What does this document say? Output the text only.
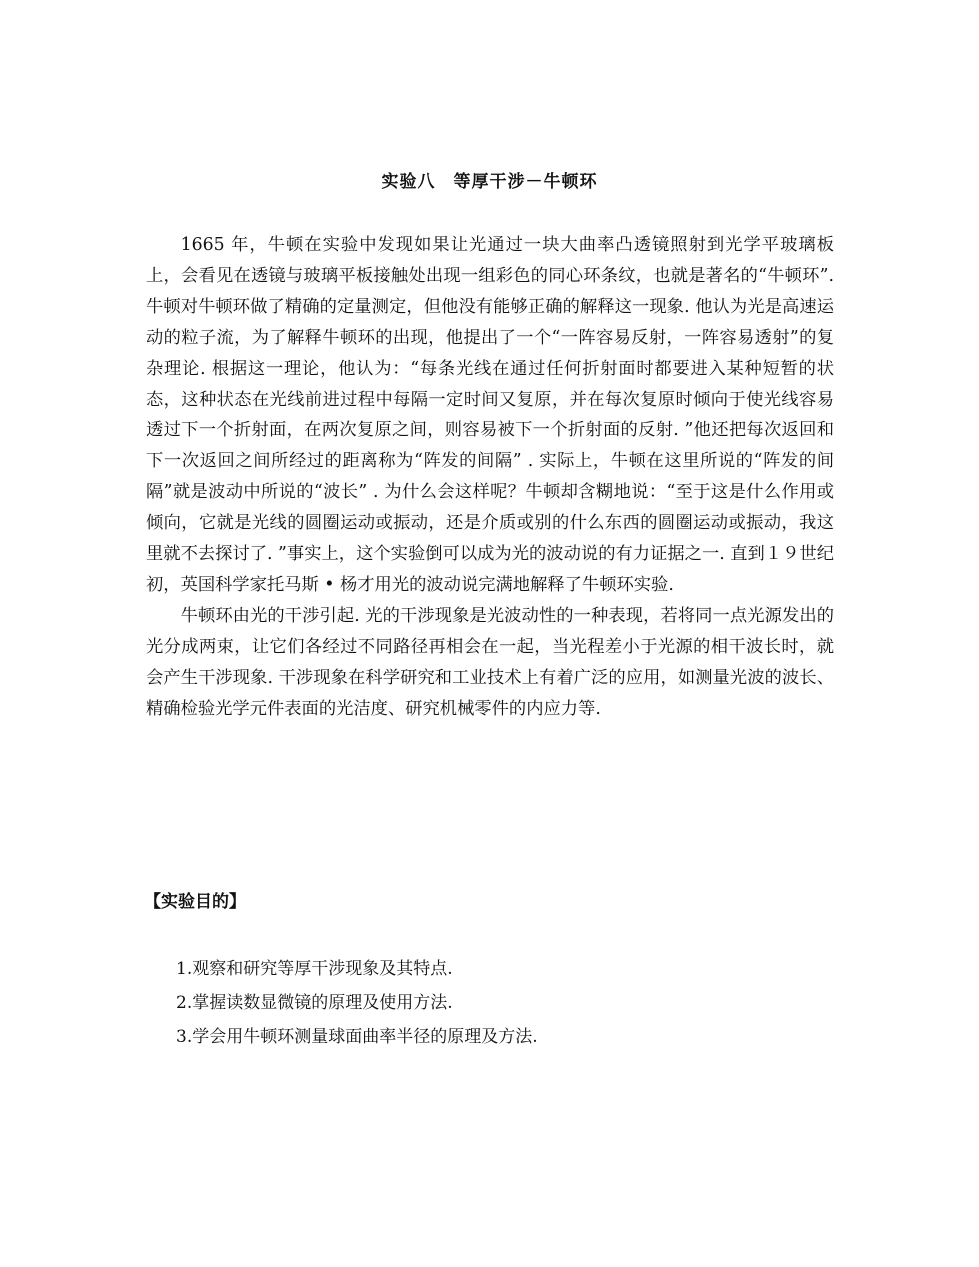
实验八　等厚干涉－牛顿环

1665 年，牛顿在实验中发现如果让光通过一块大曲率凸透镜照射到光学平玻璃板上，会看见在透镜与玻璃平板接触处出现一组彩色的同心环条纹，也就是著名的“牛顿环”. 牛顿对牛顿环做了精确的定量测定，但他没有能够正确的解释这一现象. 他认为光是高速运动的粒子流，为了解释牛顿环的出现，他提出了一个“一阵容易反射，一阵容易透射”的复杂理论. 根据这一理论，他认为：“每条光线在通过任何折射面时都要进入某种短暂的状态，这种状态在光线前进过程中每隔一定时间又复原，并在每次复原时倾向于使光线容易透过下一个折射面，在两次复原之间，则容易被下一个折射面的反射. ”他还把每次返回和下一次返回之间所经过的距离称为“阵发的间隔” . 实际上，牛顿在这里所说的“阵发的间隔”就是波动中所说的“波长” . 为什么会这样呢？牛顿却含糊地说：“至于这是什么作用或倾向，它就是光线的圆圈运动或振动，还是介质或别的什么东西的圆圈运动或振动，我这里就不去探讨了. ”事实上，这个实验倒可以成为光的波动说的有力证据之一. 直到１９世纪初，英国科学家托马斯 • 杨才用光的波动说完满地解释了牛顿环实验.

牛顿环由光的干涉引起. 光的干涉现象是光波动性的一种表现，若将同一点光源发出的光分成两束，让它们各经过不同路径再相会在一起，当光程差小于光源的相干波长时，就会产生干涉现象. 干涉现象在科学研究和工业技术上有着广泛的应用，如测量光波的波长、精确检验光学元件表面的光洁度、研究机械零件的内应力等.

【实验目的】
1.观察和研究等厚干涉现象及其特点.
2.掌握读数显微镜的原理及使用方法.
3.学会用牛顿环测量球面曲率半径的原理及方法.
